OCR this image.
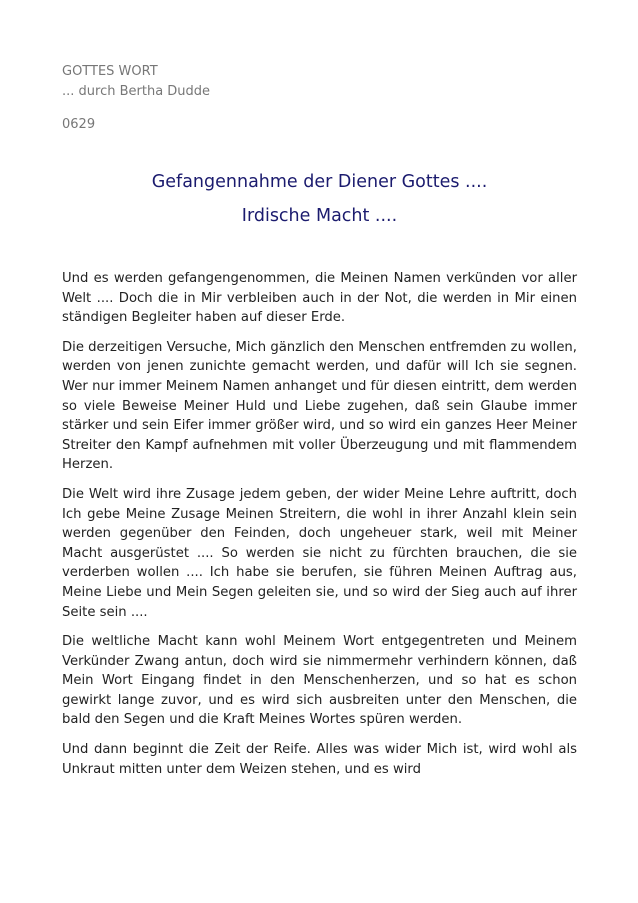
GOTTES WORT
... durch Bertha Dudde
0629
Gefangennahme der Diener Gottes ....
Irdische Macht ....

Und es werden gefangengenommen, die Meinen Namen verkünden vor aller Welt .... Doch die in Mir verbleiben auch in der Not, die werden in Mir einen ständigen Begleiter haben auf dieser Erde.

Die derzeitigen Versuche, Mich gänzlich den Menschen entfremden zu wollen, werden von jenen zunichte gemacht werden, und dafür will Ich sie segnen. Wer nur immer Meinem Namen anhanget und für diesen eintritt, dem werden so viele Beweise Meiner Huld und Liebe zugehen, daß sein Glaube immer stärker und sein Eifer immer größer wird, und so wird ein ganzes Heer Meiner Streiter den Kampf aufnehmen mit voller Überzeugung und mit flammendem Herzen.

Die Welt wird ihre Zusage jedem geben, der wider Meine Lehre auftritt, doch Ich gebe Meine Zusage Meinen Streitern, die wohl in ihrer Anzahl klein sein werden gegenüber den Feinden, doch ungeheuer stark, weil mit Meiner Macht ausgerüstet .... So werden sie nicht zu fürchten brauchen, die sie verderben wollen .... Ich habe sie berufen, sie führen Meinen Auftrag aus, Meine Liebe und Mein Segen geleiten sie, und so wird der Sieg auch auf ihrer Seite sein ....

Die weltliche Macht kann wohl Meinem Wort entgegentreten und Meinem Verkünder Zwang antun, doch wird sie nimmermehr verhindern können, daß Mein Wort Eingang findet in den Menschenherzen, und so hat es schon gewirkt lange zuvor, und es wird sich ausbreiten unter den Menschen, die bald den Segen und die Kraft Meines Wortes spüren werden.

Und dann beginnt die Zeit der Reife. Alles was wider Mich ist, wird wohl als Unkraut mitten unter dem Weizen stehen, und es wird
